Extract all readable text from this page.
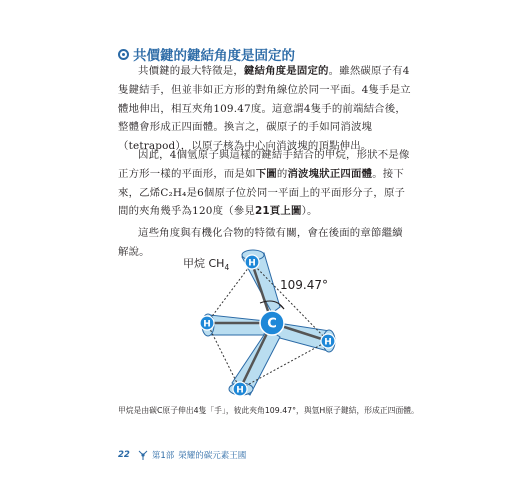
共價鍵的鍵結角度是固定的

共價鍵的最大特徵是，鍵結角度是固定的。雖然碳原子有4隻鍵結手，但並非如正方形的對角線位於同一平面。4隻手是立體地伸出，相互夾角109.47度。這意謂4隻手的前端結合後，整體會形成正四面體。換言之，碳原子的手如同消波塊（tetrapod），以原子核為中心向消波塊的頂點伸出。

因此，4個氫原子與這樣的鍵結手結合的甲烷，形狀不是像正方形一樣的平面形，而是如下圖的消波塊狀正四面體。接下來，乙烯C₂H₄是6個原子位於同一平面上的平面形分子，原子間的夾角幾乎為120度（參見21頁上圖）。

這些角度與有機化合物的特徵有關，會在後面的章節繼續解說。

甲烷 $CH_4$
C
H
H
H
H
109.47°
甲烷是由碳C原子伸出4隻「手」，彼此夾角109.47°，與氫H原子鍵結，形成正四面體。
22	第1部 榮耀的碳元素王國
